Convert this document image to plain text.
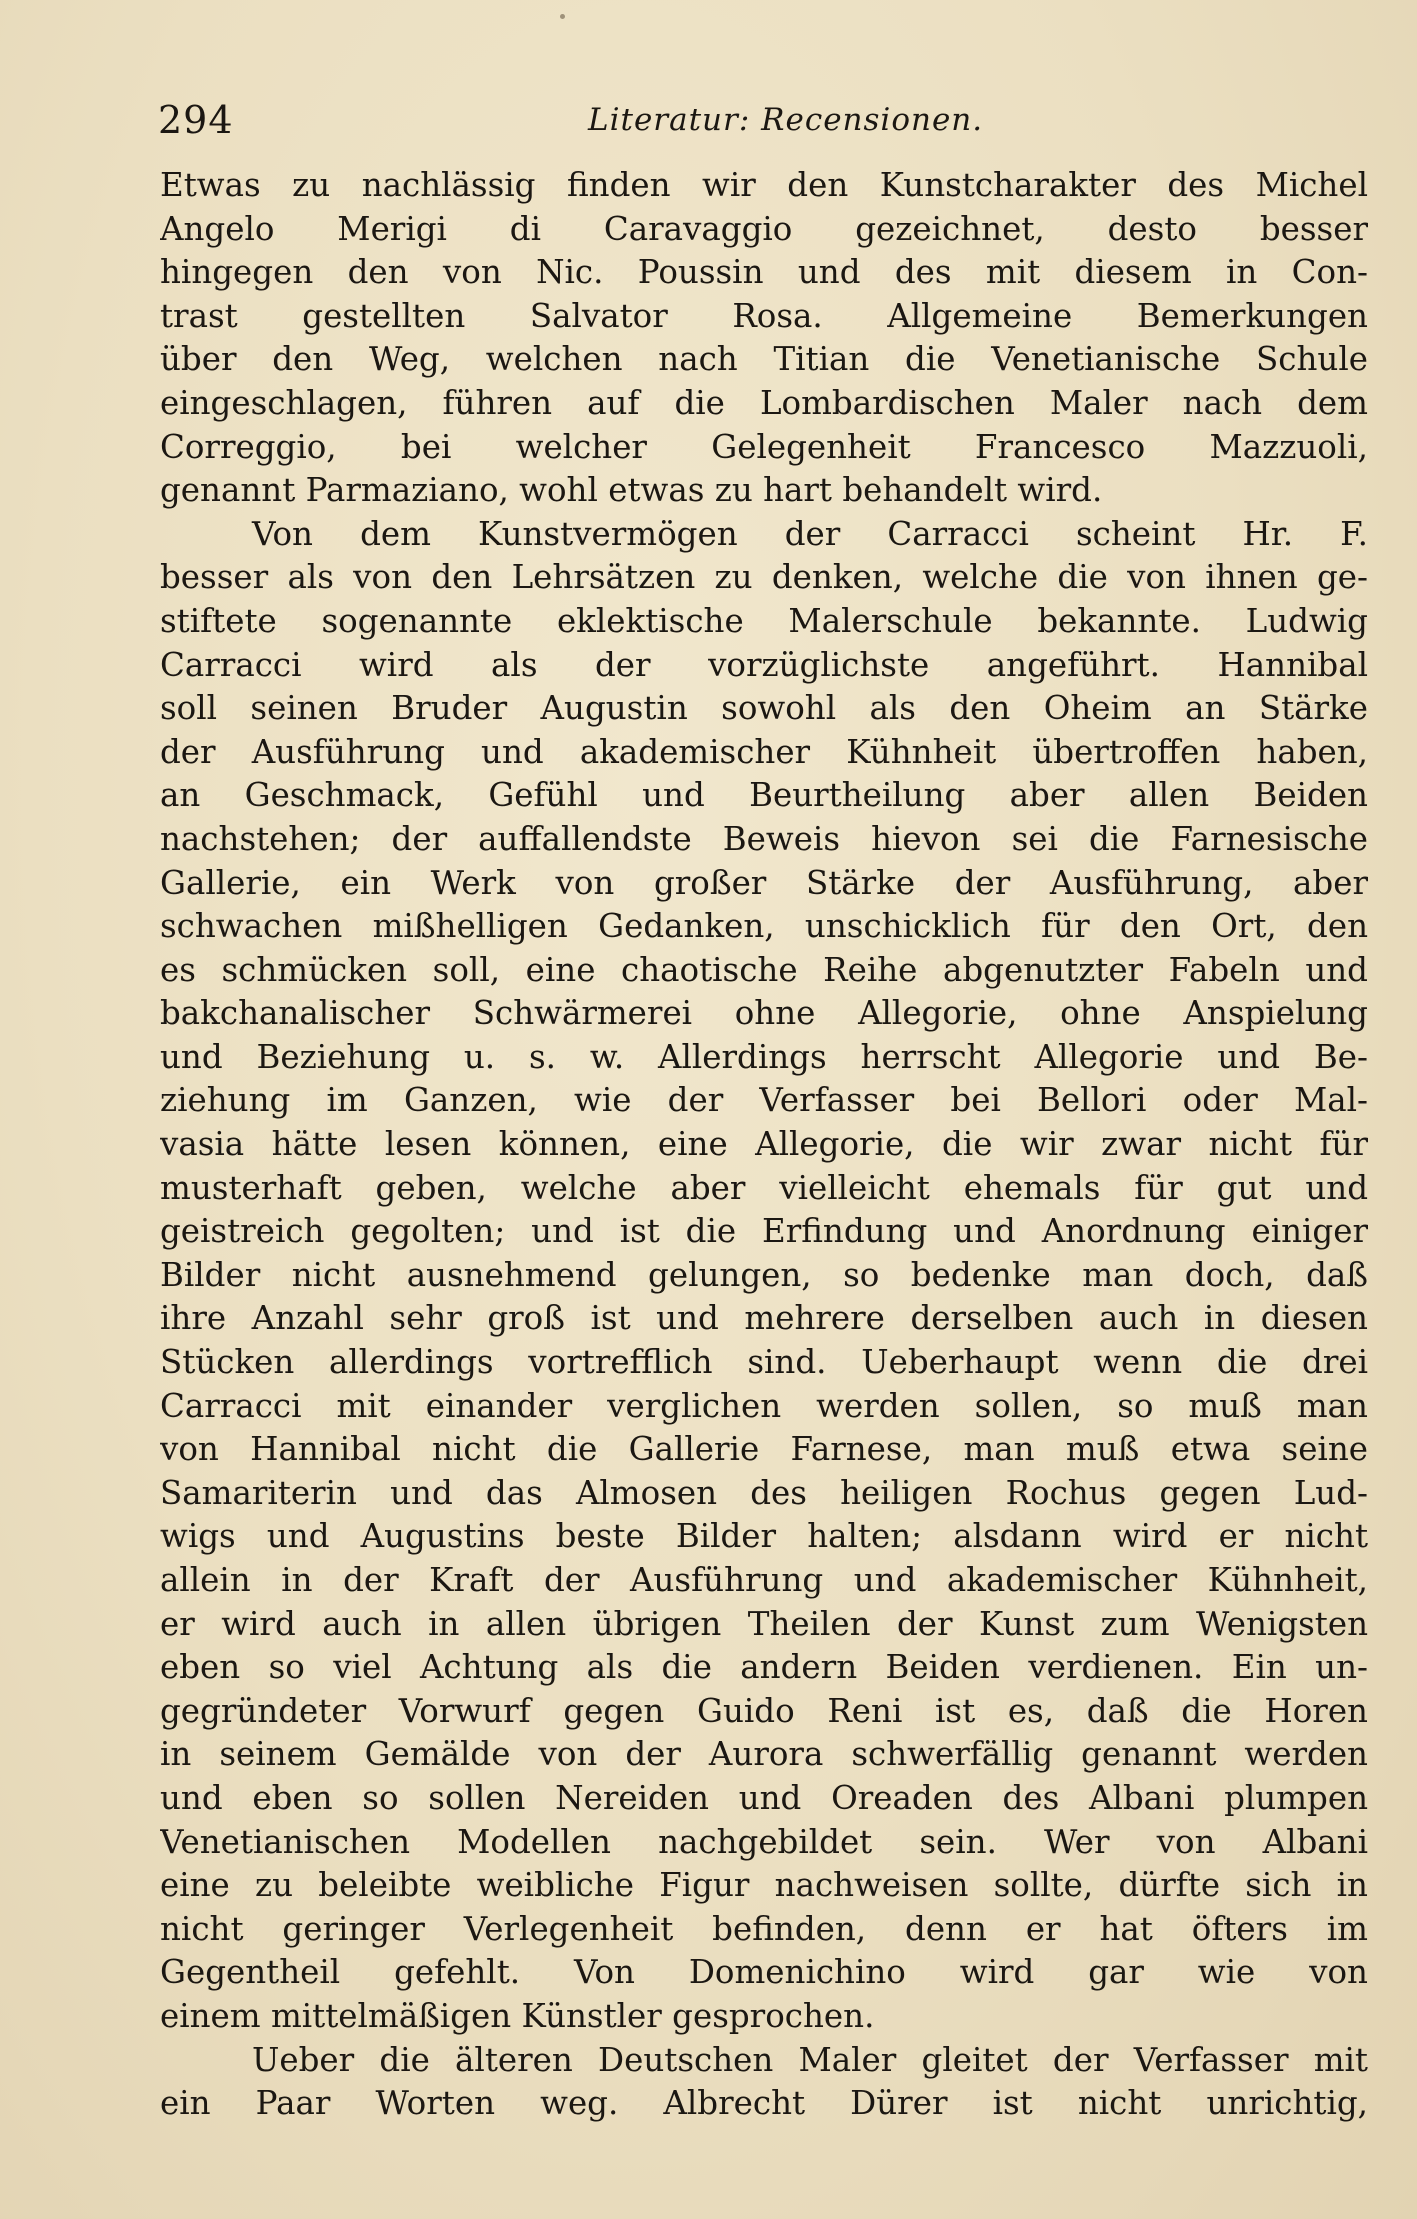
294	Literatur: Recensionen.
Etwas zu nachlässig finden wir den Kunstcharakter des Michel
Angelo Merigi di Caravaggio gezeichnet, desto besser
hingegen den von Nic. Poussin und des mit diesem in Con-
trast gestellten Salvator Rosa. Allgemeine Bemerkungen
über den Weg, welchen nach Titian die Venetianische Schule
eingeschlagen, führen auf die Lombardischen Maler nach dem
Correggio, bei welcher Gelegenheit Francesco Mazzuoli,
genannt Parmaziano, wohl etwas zu hart behandelt wird.
Von dem Kunstvermögen der Carracci scheint Hr. F.
besser als von den Lehrsätzen zu denken, welche die von ihnen ge-
stiftete sogenannte eklektische Malerschule bekannte. Ludwig
Carracci wird als der vorzüglichste angeführt. Hannibal
soll seinen Bruder Augustin sowohl als den Oheim an Stärke
der Ausführung und akademischer Kühnheit übertroffen haben,
an Geschmack, Gefühl und Beurtheilung aber allen Beiden
nachstehen; der auffallendste Beweis hievon sei die Farnesische
Gallerie, ein Werk von großer Stärke der Ausführung, aber
schwachen mißhelligen Gedanken, unschicklich für den Ort, den
es schmücken soll, eine chaotische Reihe abgenutzter Fabeln und
bakchanalischer Schwärmerei ohne Allegorie, ohne Anspielung
und Beziehung u. s. w. Allerdings herrscht Allegorie und Be-
ziehung im Ganzen, wie der Verfasser bei Bellori oder Mal-
vasia hätte lesen können, eine Allegorie, die wir zwar nicht für
musterhaft geben, welche aber vielleicht ehemals für gut und
geistreich gegolten; und ist die Erfindung und Anordnung einiger
Bilder nicht ausnehmend gelungen, so bedenke man doch, daß
ihre Anzahl sehr groß ist und mehrere derselben auch in diesen
Stücken allerdings vortrefflich sind. Ueberhaupt wenn die drei
Carracci mit einander verglichen werden sollen, so muß man
von Hannibal nicht die Gallerie Farnese, man muß etwa seine
Samariterin und das Almosen des heiligen Rochus gegen Lud-
wigs und Augustins beste Bilder halten; alsdann wird er nicht
allein in der Kraft der Ausführung und akademischer Kühnheit,
er wird auch in allen übrigen Theilen der Kunst zum Wenigsten
eben so viel Achtung als die andern Beiden verdienen. Ein un-
gegründeter Vorwurf gegen Guido Reni ist es, daß die Horen
in seinem Gemälde von der Aurora schwerfällig genannt werden
und eben so sollen Nereiden und Oreaden des Albani plumpen
Venetianischen Modellen nachgebildet sein. Wer von Albani
eine zu beleibte weibliche Figur nachweisen sollte, dürfte sich in
nicht geringer Verlegenheit befinden, denn er hat öfters im
Gegentheil gefehlt. Von Domenichino wird gar wie von
einem mittelmäßigen Künstler gesprochen.
Ueber die älteren Deutschen Maler gleitet der Verfasser mit
ein Paar Worten weg. Albrecht Dürer ist nicht unrichtig,
